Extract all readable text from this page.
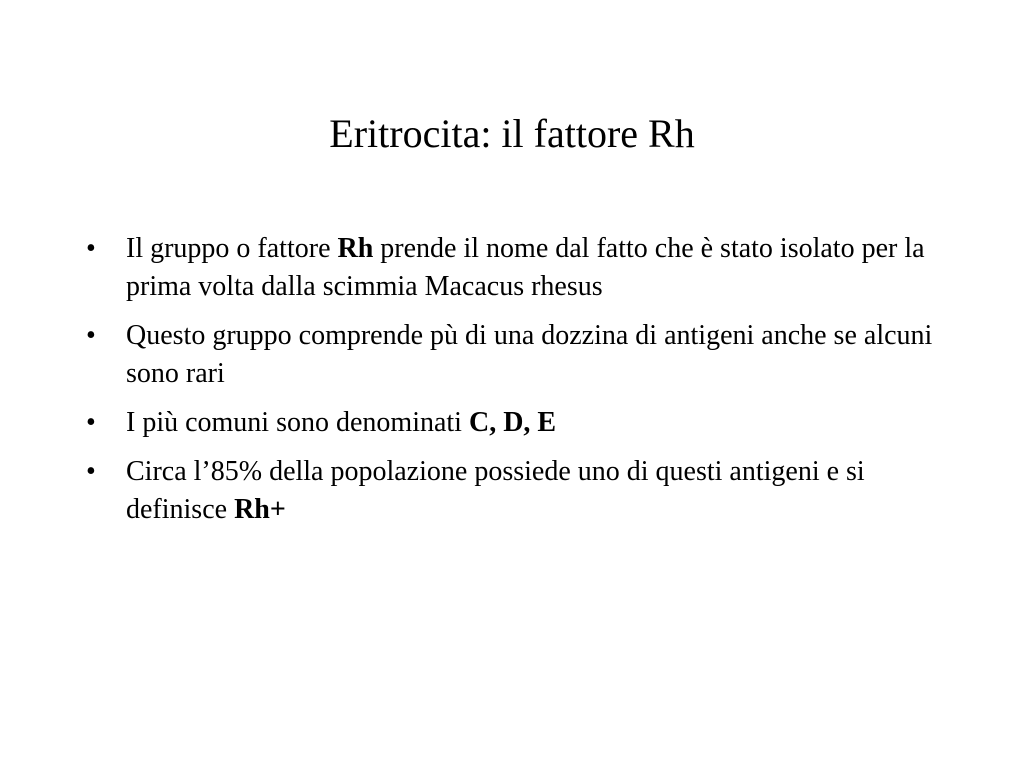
Eritrocita: il fattore Rh
• Il gruppo o fattore Rh prende il nome dal fatto che è stato isolato per la prima volta dalla scimmia Macacus rhesus
• Questo gruppo comprende pù di una dozzina di antigeni anche se alcuni sono rari
• I più comuni sono denominati C, D, E
• Circa l’85% della popolazione possiede uno di questi antigeni e si definisce Rh+
